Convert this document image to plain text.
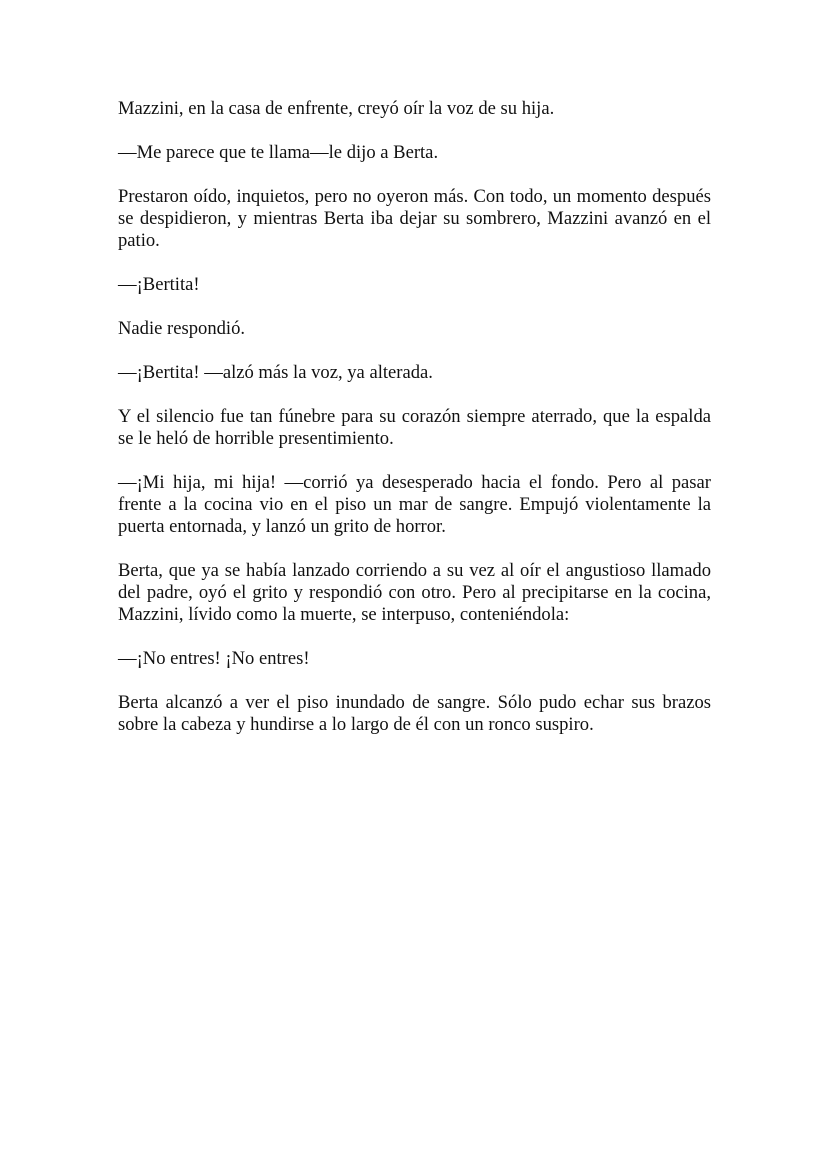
Mazzini, en la casa de enfrente, creyó oír la voz de su hija.

—Me parece que te llama—le dijo a Berta.

Prestaron oído, inquietos, pero no oyeron más. Con todo, un momento después se despidieron, y mientras Berta iba dejar su sombrero, Mazzini avanzó en el patio.

—¡Bertita!

Nadie respondió.

—¡Bertita! —alzó más la voz, ya alterada.

Y el silencio fue tan fúnebre para su corazón siempre aterrado, que la espalda se le heló de horrible presentimiento.

—¡Mi hija, mi hija! —corrió ya desesperado hacia el fondo. Pero al pasar frente a la cocina vio en el piso un mar de sangre. Empujó violentamente la puerta entornada, y lanzó un grito de horror.

Berta, que ya se había lanzado corriendo a su vez al oír el angustioso llamado del padre, oyó el grito y respondió con otro. Pero al precipitarse en la cocina, Mazzini, lívido como la muerte, se interpuso, conteniéndola:

—¡No entres! ¡No entres!

Berta alcanzó a ver el piso inundado de sangre. Sólo pudo echar sus brazos sobre la cabeza y hundirse a lo largo de él con un ronco suspiro.
